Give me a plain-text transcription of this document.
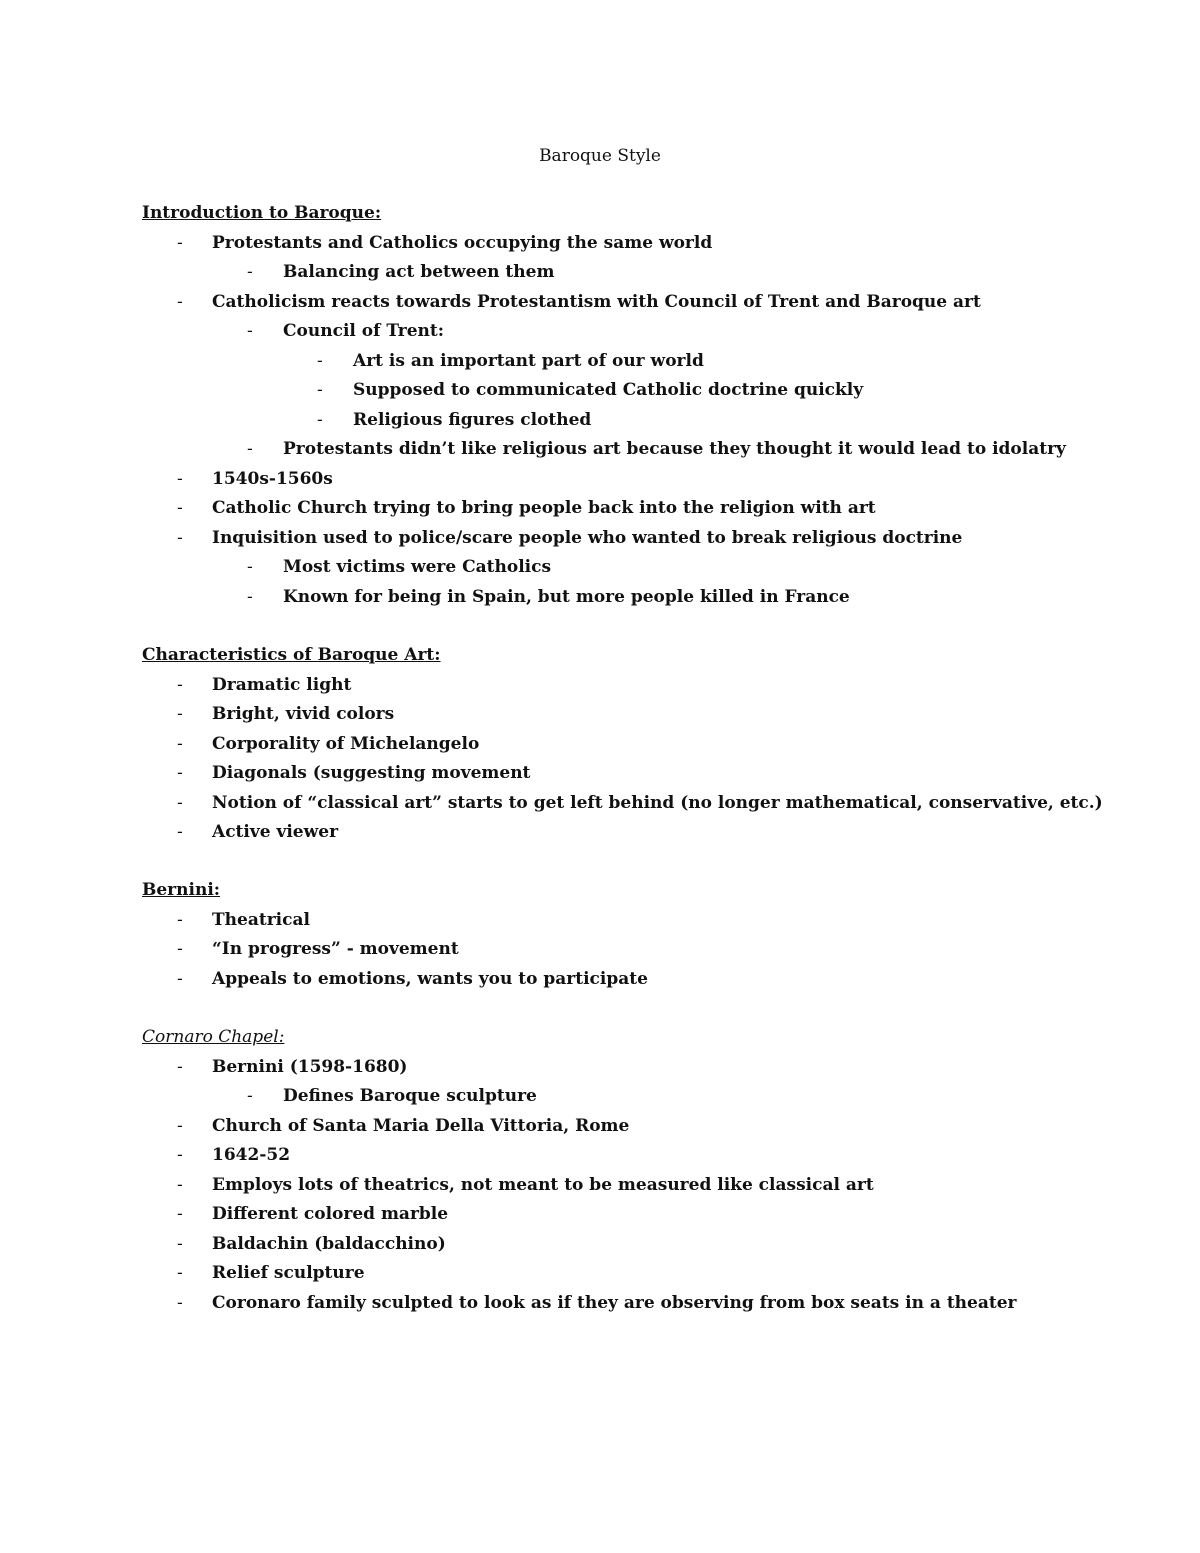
Baroque Style
Introduction to Baroque:
- Protestants and Catholics occupying the same world
- Balancing act between them
- Catholicism reacts towards Protestantism with Council of Trent and Baroque art
- Council of Trent:
- Art is an important part of our world
- Supposed to communicated Catholic doctrine quickly
- Religious figures clothed
- Protestants didn’t like religious art because they thought it would lead to idolatry
- 1540s-1560s
- Catholic Church trying to bring people back into the religion with art
- Inquisition used to police/scare people who wanted to break religious doctrine
- Most victims were Catholics
- Known for being in Spain, but more people killed in France
Characteristics of Baroque Art:
- Dramatic light
- Bright, vivid colors
- Corporality of Michelangelo
- Diagonals (suggesting movement
- Notion of “classical art” starts to get left behind (no longer mathematical, conservative, etc.)
- Active viewer
Bernini:
- Theatrical
- “In progress” - movement
- Appeals to emotions, wants you to participate
Cornaro Chapel:
- Bernini (1598-1680)
- Defines Baroque sculpture
- Church of Santa Maria Della Vittoria, Rome
- 1642-52
- Employs lots of theatrics, not meant to be measured like classical art
- Different colored marble
- Baldachin (baldacchino)
- Relief sculpture
- Coronaro family sculpted to look as if they are observing from box seats in a theater
